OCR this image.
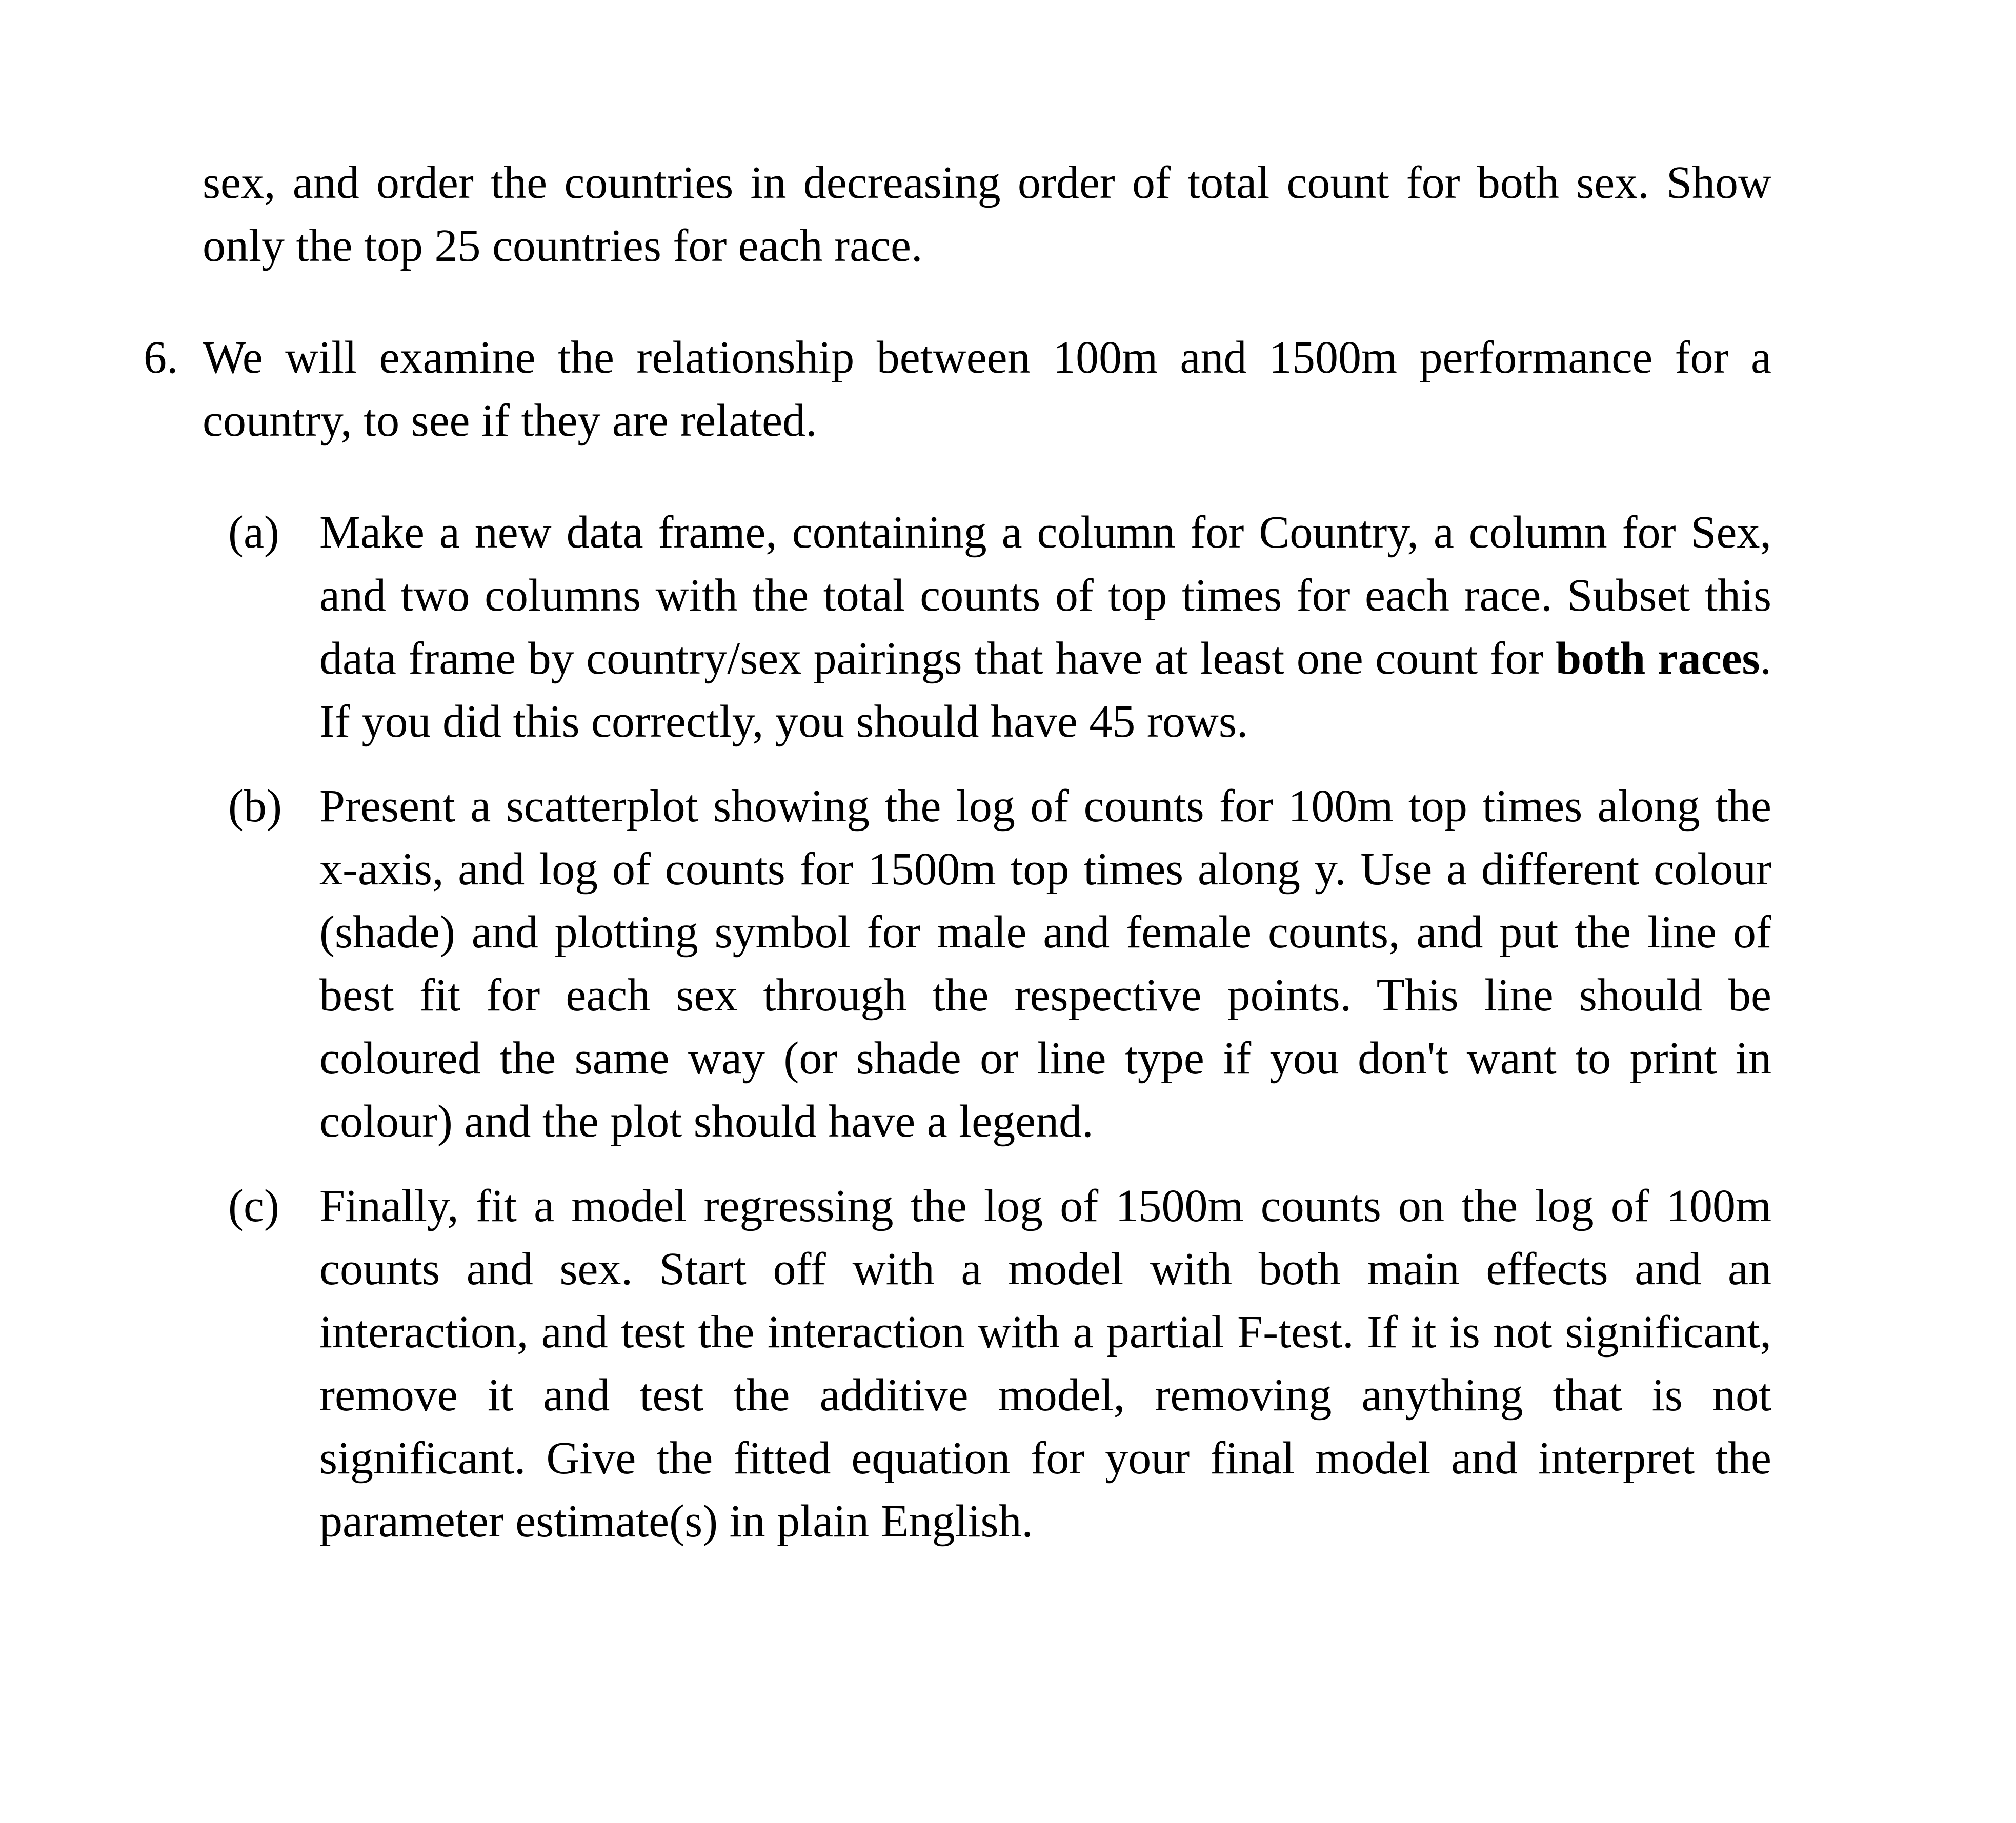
sex, and order the countries in decreasing order of total count for both sex. Show only the top 25 countries for each race.

6. We will examine the relationship between 100m and 1500m performance for a country, to see if they are related.
(a) Make a new data frame, containing a column for Country, a column for Sex, and two columns with the total counts of top times for each race. Subset this data frame by country/sex pairings that have at least one count for both races. If you did this correctly, you should have 45 rows.
(b) Present a scatterplot showing the log of counts for 100m top times along the x-axis, and log of counts for 1500m top times along y. Use a different colour (shade) and plotting symbol for male and female counts, and put the line of best fit for each sex through the respective points. This line should be coloured the same way (or shade or line type if you don't want to print in colour) and the plot should have a legend.
(c) Finally, fit a model regressing the log of 1500m counts on the log of 100m counts and sex. Start off with a model with both main effects and an interaction, and test the interaction with a partial F-test. If it is not significant, remove it and test the additive model, removing anything that is not significant. Give the fitted equation for your final model and interpret the parameter estimate(s) in plain English.
